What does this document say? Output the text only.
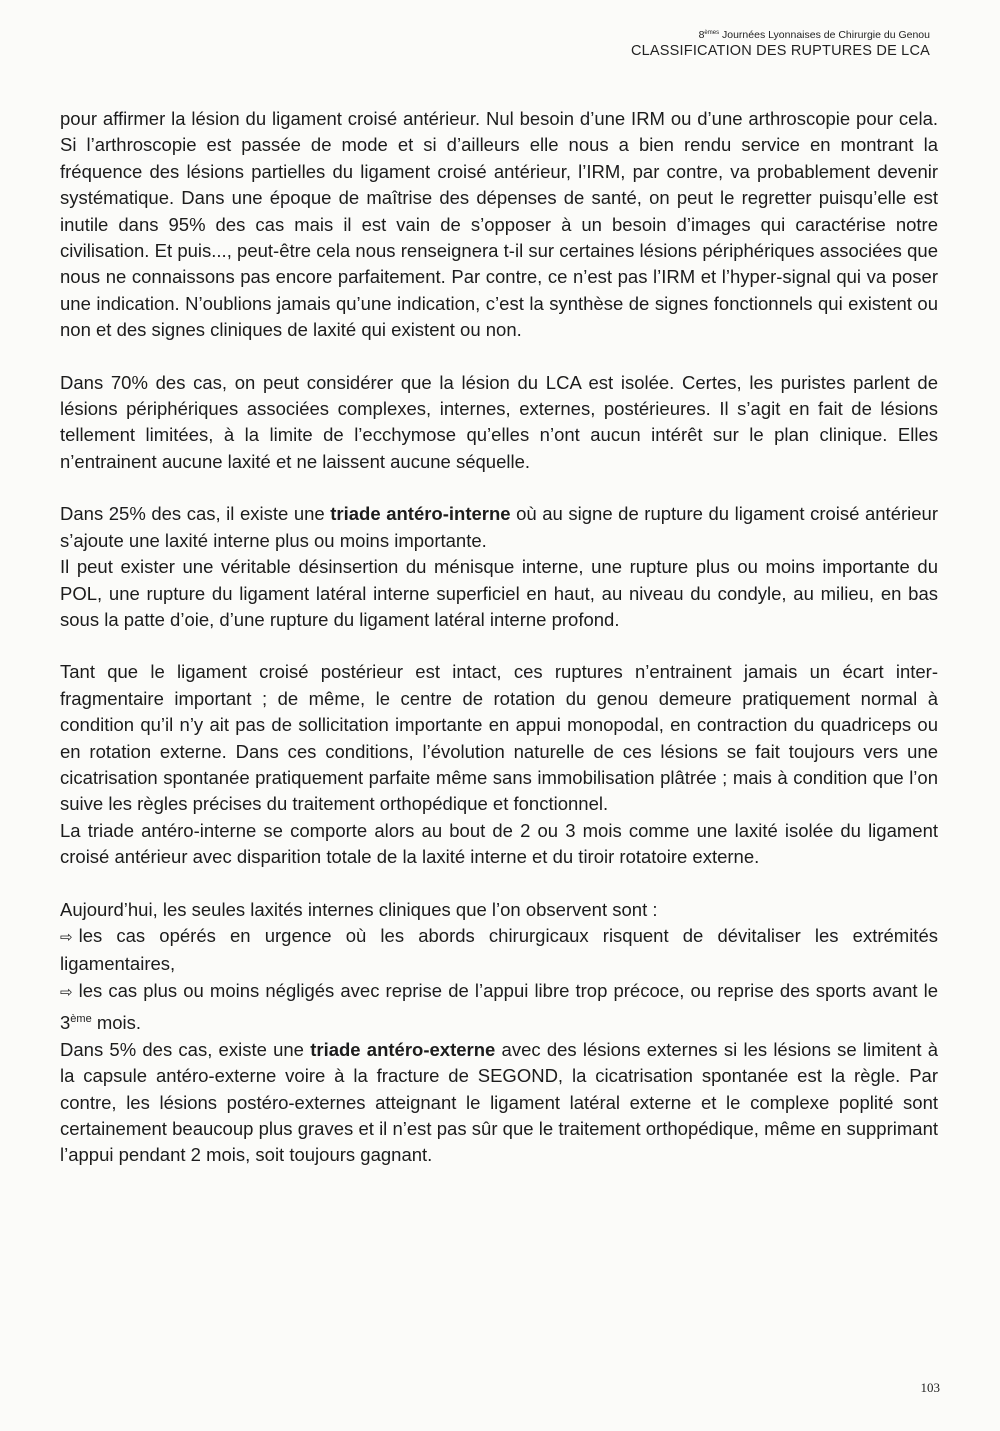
8èmes Journées Lyonnaises de Chirurgie du Genou
CLASSIFICATION DES RUPTURES DE LCA

pour affirmer la lésion du ligament croisé antérieur. Nul besoin d’une IRM ou d’une arthroscopie pour cela. Si l’arthroscopie est passée de mode et si d’ailleurs elle nous a bien rendu service en montrant la fréquence des lésions partielles du ligament croisé antérieur, l’IRM, par contre, va probablement devenir systématique. Dans une époque de maîtrise des dépenses de santé, on peut le regretter puisqu’elle est inutile dans 95% des cas mais il est vain de s’opposer à un besoin d’images qui caractérise notre civilisation. Et puis..., peut-être cela nous renseignera t-il sur certaines lésions périphériques associées que nous ne connaissons pas encore parfaitement. Par contre, ce n’est pas l’IRM et l’hyper-signal qui va poser une indication. N’oublions jamais qu’une indication, c’est la synthèse de signes fonctionnels qui existent ou non et des signes cliniques de laxité qui existent ou non.

Dans 70% des cas, on peut considérer que la lésion du LCA est isolée. Certes, les puristes parlent de lésions périphériques associées complexes, internes, externes, postérieures. Il s’agit en fait de lésions tellement limitées, à la limite de l’ecchymose qu’elles n’ont aucun intérêt sur le plan clinique. Elles n’entrainent aucune laxité et ne laissent aucune séquelle.

Dans 25% des cas, il existe une triade antéro-interne où au signe de rupture du ligament croisé antérieur s’ajoute une laxité interne plus ou moins importante.

Il peut exister une véritable désinsertion du ménisque interne, une rupture plus ou moins importante du POL, une rupture du ligament latéral interne superficiel en haut, au niveau du condyle, au milieu, en bas sous la patte d’oie, d’une rupture du ligament latéral interne profond.

Tant que le ligament croisé postérieur est intact, ces ruptures n’entrainent jamais un écart inter-fragmentaire important ; de même, le centre de rotation du genou demeure pratiquement normal à condition qu’il n’y ait pas de sollicitation importante en appui monopodal, en contraction du quadriceps ou en rotation externe. Dans ces conditions, l’évolution naturelle de ces lésions se fait toujours vers une cicatrisation spontanée pratiquement parfaite même sans immobilisation plâtrée ; mais à condition que l’on suive les règles précises du traitement orthopédique et fonctionnel.

La triade antéro-interne se comporte alors au bout de 2 ou 3 mois comme une laxité isolée du ligament croisé antérieur avec disparition totale de la laxité interne et du tiroir rotatoire externe.

Aujourd’hui, les seules laxités internes cliniques que l’on observent sont :

⇨ les cas opérés en urgence où les abords chirurgicaux risquent de dévitaliser les extrémités ligamentaires,

⇨ les cas plus ou moins négligés avec reprise de l’appui libre trop précoce, ou reprise des sports avant le 3ème mois.

Dans 5% des cas, existe une triade antéro-externe avec des lésions externes si les lésions se limitent à la capsule antéro-externe voire à la fracture de SEGOND, la cicatrisation spontanée est la règle. Par contre, les lésions postéro-externes atteignant le ligament latéral externe et le complexe poplité sont certainement beaucoup plus graves et il n’est pas sûr que le traitement orthopédique, même en supprimant l’appui pendant 2 mois, soit toujours gagnant.

103
